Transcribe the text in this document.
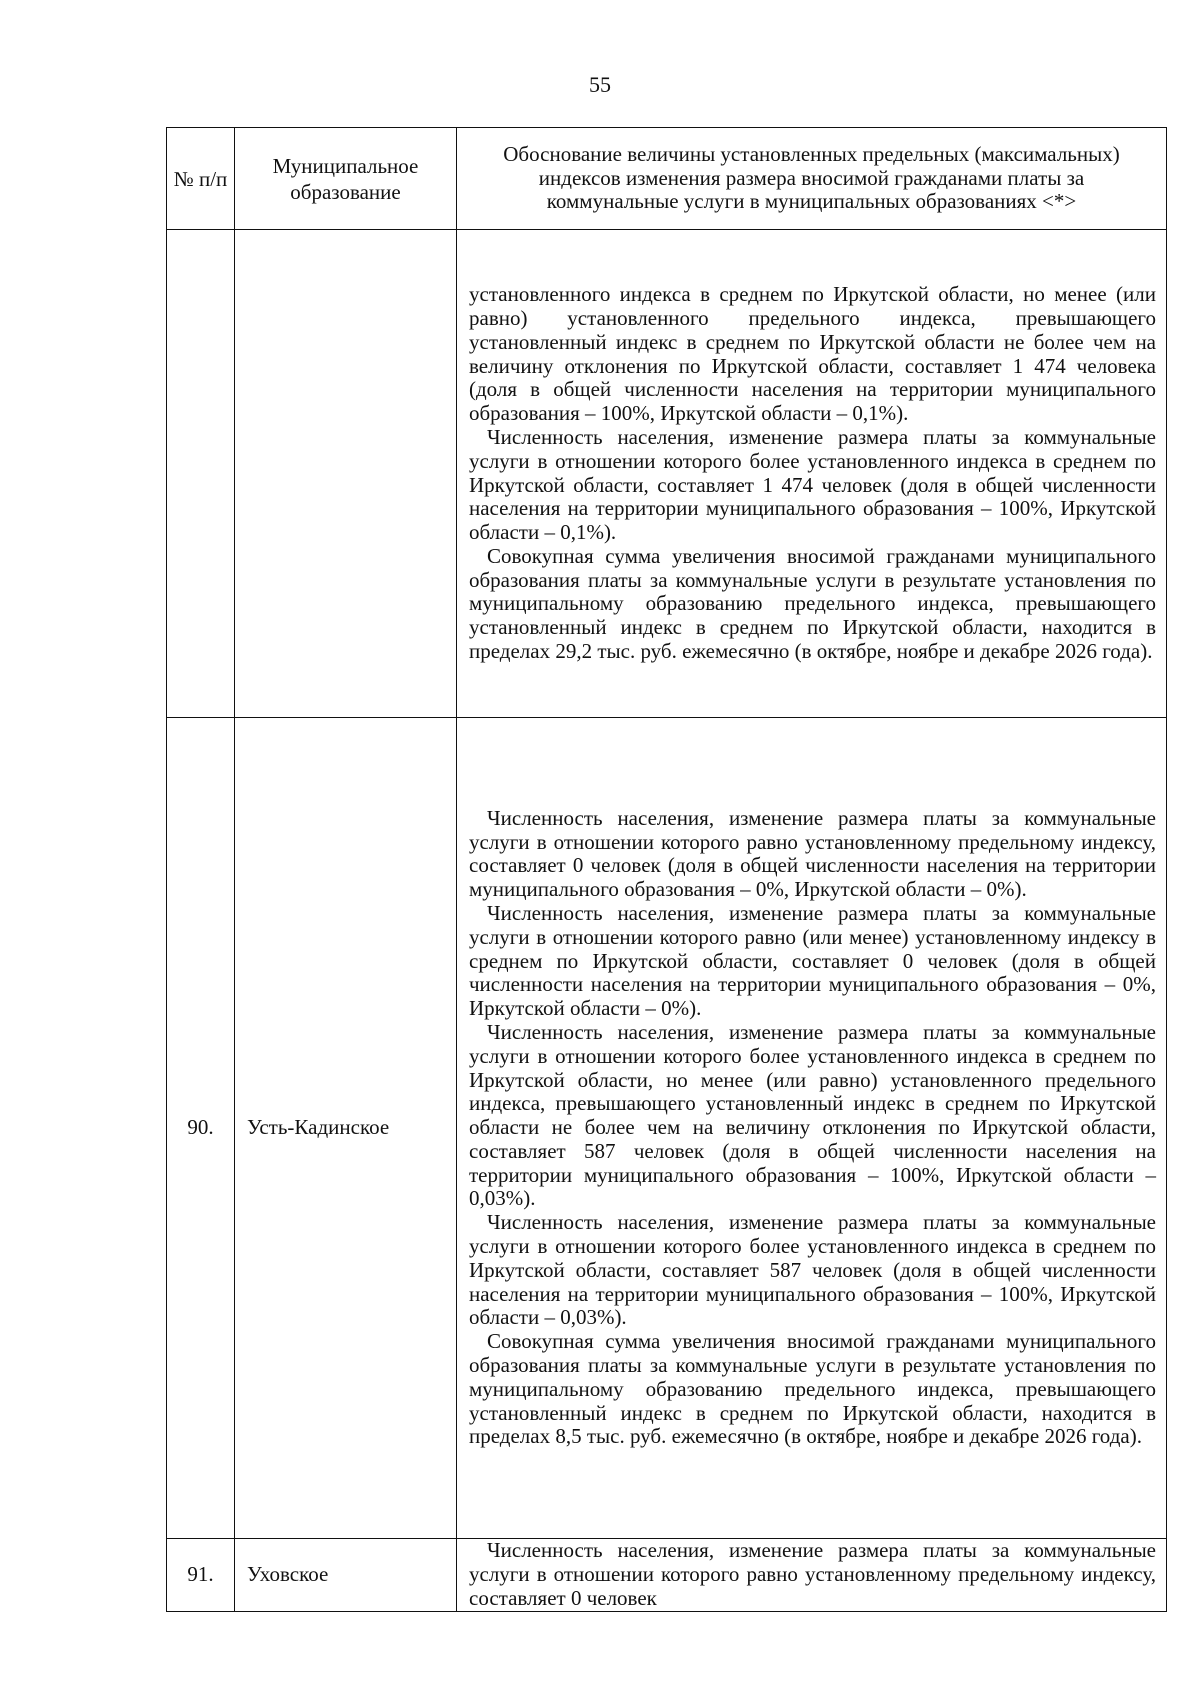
55
№ п/п	Муниципальное образование	Обоснование величины установленных предельных (максимальных) индексов изменения размера вносимой гражданами платы за коммунальные услуги в муниципальных образованиях <*>

		установленного индекса в среднем по Иркутской области, но менее (или равно) установленного предельного индекса, превышающего установленный индекс в среднем по Иркутской области не более чем на величину отклонения по Иркутской области, составляет 1 474 человека (доля в общей численности населения на территории муниципального образования – 100%, Иркутской области – 0,1%).

Численность населения, изменение размера платы за коммунальные услуги в отношении которого более установленного индекса в среднем по Иркутской области, составляет 1 474 человек (доля в общей численности населения на территории муниципального образования – 100%, Иркутской области – 0,1%).

Совокупная сумма увеличения вносимой гражданами муниципального образования платы за коммунальные услуги в результате установления по муниципальному образованию предельного индекса, превышающего установленный индекс в среднем по Иркутской области, находится в пределах 29,2 тыс. руб. ежемесячно (в октябре, ноябре и декабре 2026 года).

90.	Усть-Кадинское	Численность населения, изменение размера платы за коммунальные услуги в отношении которого равно установленному предельному индексу, составляет 0 человек (доля в общей численности населения на территории муниципального образования – 0%, Иркутской области – 0%).

Численность населения, изменение размера платы за коммунальные услуги в отношении которого равно (или менее) установленному индексу в среднем по Иркутской области, составляет 0 человек (доля в общей численности населения на территории муниципального образования – 0%, Иркутской области – 0%).

Численность населения, изменение размера платы за коммунальные услуги в отношении которого более установленного индекса в среднем по Иркутской области, но менее (или равно) установленного предельного индекса, превышающего установленный индекс в среднем по Иркутской области не более чем на величину отклонения по Иркутской области, составляет 587 человек (доля в общей численности населения на территории муниципального образования – 100%, Иркутской области – 0,03%).

Численность населения, изменение размера платы за коммунальные услуги в отношении которого более установленного индекса в среднем по Иркутской области, составляет 587 человек (доля в общей численности населения на территории муниципального образования – 100%, Иркутской области – 0,03%).

Совокупная сумма увеличения вносимой гражданами муниципального образования платы за коммунальные услуги в результате установления по муниципальному образованию предельного индекса, превышающего установленный индекс в среднем по Иркутской области, находится в пределах 8,5 тыс. руб. ежемесячно (в октябре, ноябре и декабре 2026 года).

91.	Уховское	Численность населения, изменение размера платы за коммунальные услуги в отношении которого равно установленному предельному индексу, составляет 0 человек
